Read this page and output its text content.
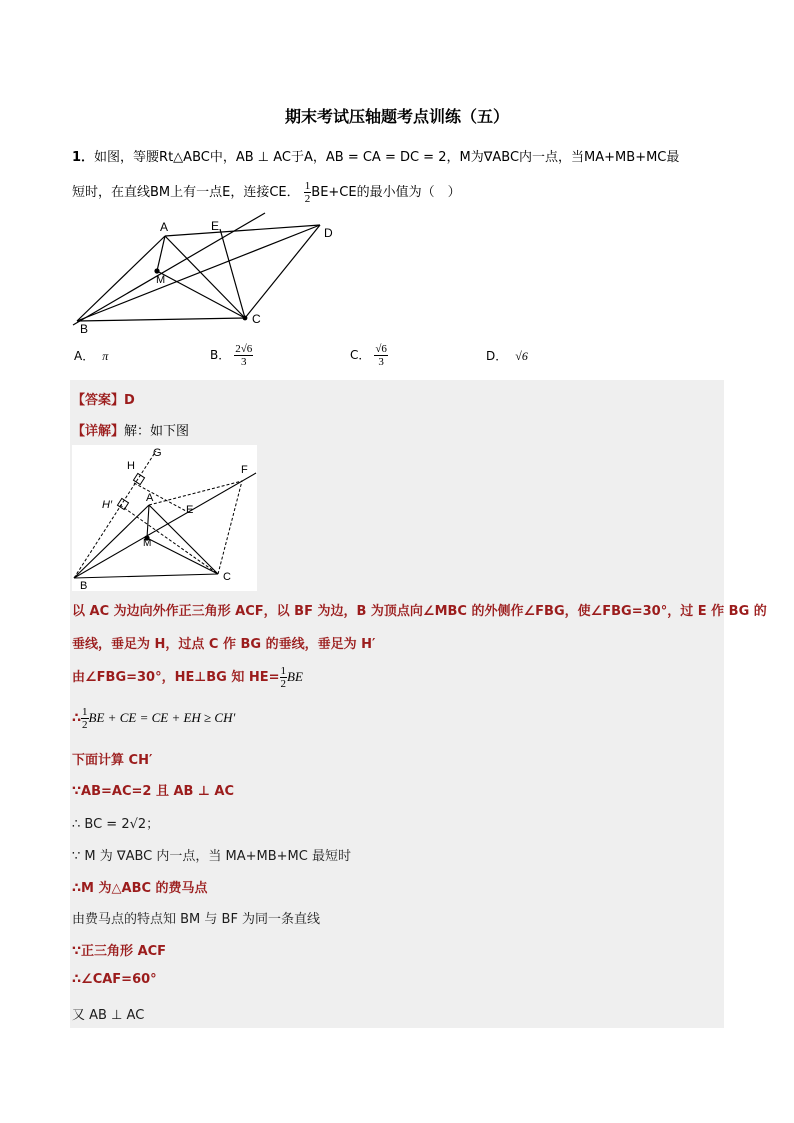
期末考试压轴题考点训练（五）
1．如图，等腰Rt△ABC中，AB ⊥ AC于A，AB = CA = DC = 2，M为∇ABC内一点，当MA+MB+MC最
短时，在直线BM上有一点E，连接CE． $\frac{1}{2} BE+CE$的最小值为（　）
A	E	D
M
B
C
A． π	B． $\frac{2√6}{3}$	C． $\frac{√6}{3}$	D． √6
【答案】D
【详解】解：如下图
H
G
H′
A
E
F
M
B
C
以 AC 为边向外作正三角形 ACF，以 BF 为边，B 为顶点向∠MBC 的外侧作∠FBG，使∠FBG=30°，过 E 作 BG 的
垂线，垂足为 H，过点 C 作 BG 的垂线，垂足为 H′
由∠FBG=30°，HE⊥BG 知 $HE= \frac{1}{2}$ BE
∴ $\frac{1}{2}$ BE + CE = CE + EH ≥ CH′
下面计算 CH′
∵AB=AC=2 且 AB ⊥ AC
∴ BC = 2√2；
∵ M 为 ∇ABC 内一点，当 MA+MB+MC 最短时
∴M 为△ABC 的费马点
由费马点的特点知 BM 与 BF 为同一条直线
∵正三角形 ACF
∴∠CAF=60°
又 AB ⊥ AC
